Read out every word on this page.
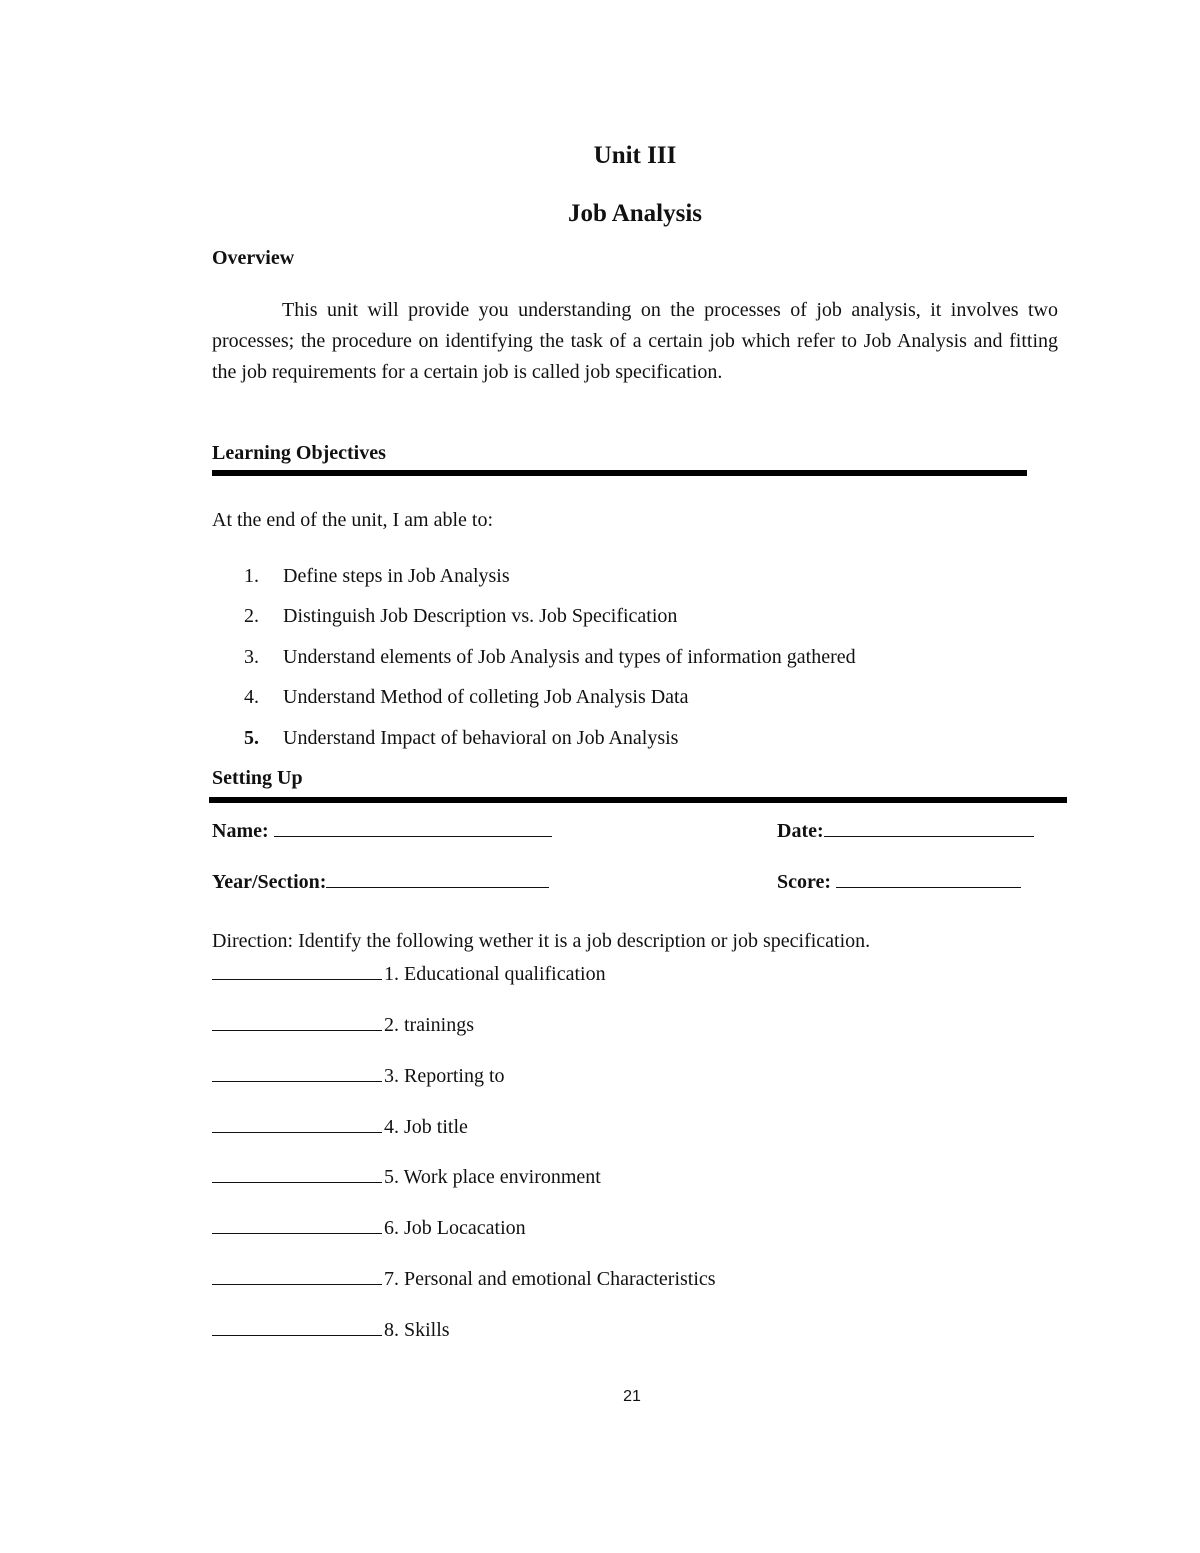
Unit III
Job Analysis
Overview
This unit will provide you understanding on the processes of job analysis, it involves two processes; the procedure on identifying the task of a certain job which refer to Job Analysis and fitting the job requirements for a certain job is called job specification.
Learning Objectives
At the end of the unit, I am able to:
1. Define steps in Job Analysis
2. Distinguish Job Description vs. Job Specification
3. Understand elements of Job Analysis and types of information gathered
4. Understand Method of colleting Job Analysis Data
5. Understand Impact of behavioral on Job Analysis
Setting Up
Name:	Date:
Year/Section:	Score:
Direction: Identify the following wether it is a job description or job specification.
1. Educational qualification
2. trainings
3. Reporting to
4. Job title
5. Work place environment
6. Job Locacation
7. Personal and emotional Characteristics
8. Skills
21
